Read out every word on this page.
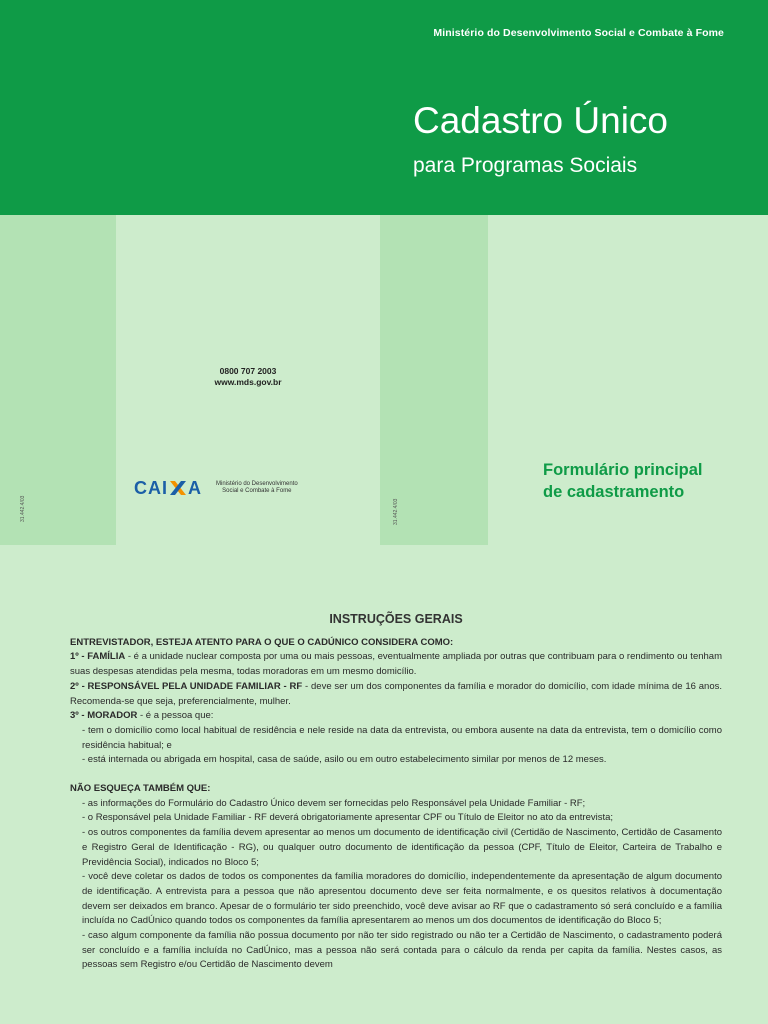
Ministério do Desenvolvimento Social e Combate à Fome
Cadastro Único
para Programas Sociais
31.442.4/03	31.442.4/03
0800 707 2003
www.mds.gov.br
CAI A	Ministério do Desenvolvimento
Social e Combate à Fome
Formulário principal
de cadastramento
INSTRUÇÕES GERAIS
ENTREVISTADOR, ESTEJA ATENTO PARA O QUE O CADÚNICO CONSIDERA COMO:
1º - FAMÍLIA - é a unidade nuclear composta por uma ou mais pessoas, eventualmente ampliada por outras que contribuam para o rendimento ou tenham suas despesas atendidas pela mesma, todas moradoras em um mesmo domicílio.
2º - RESPONSÁVEL PELA UNIDADE FAMILIAR - RF - deve ser um dos componentes da família e morador do domicílio, com idade mínima de 16 anos. Recomenda-se que seja, preferencialmente, mulher.
3º - MORADOR - é a pessoa que:
- tem o domicílio como local habitual de residência e nele reside na data da entrevista, ou embora ausente na data da entrevista, tem o domicílio como residência habitual; e
- está internada ou abrigada em hospital, casa de saúde, asilo ou em outro estabelecimento similar por menos de 12 meses.
NÃO ESQUEÇA TAMBÉM QUE:
- as informações do Formulário do Cadastro Único devem ser fornecidas pelo Responsável pela Unidade Familiar - RF;
- o Responsável pela Unidade Familiar - RF deverá obrigatoriamente apresentar CPF ou Título de Eleitor no ato da entrevista;
- os outros componentes da família devem apresentar ao menos um documento de identificação civil (Certidão de Nascimento, Certidão de Casamento e Registro Geral de Identificação - RG), ou qualquer outro documento de identificação da pessoa (CPF, Título de Eleitor, Carteira de Trabalho e Previdência Social), indicados no Bloco 5;
- você deve coletar os dados de todos os componentes da família moradores do domicílio, independentemente da apresentação de algum documento de identificação. A entrevista para a pessoa que não apresentou documento deve ser feita normalmente, e os quesitos relativos à documentação devem ser deixados em branco. Apesar de o formulário ter sido preenchido, você deve avisar ao RF que o cadastramento só será concluído e a família incluída no CadÚnico quando todos os componentes da família apresentarem ao menos um dos documentos de identificação do Bloco 5;
- caso algum componente da família não possua documento por não ter sido registrado ou não ter a Certidão de Nascimento, o cadastramento poderá ser concluído e a família incluída no CadÚnico, mas a pessoa não será contada para o cálculo da renda per capita da família. Nestes casos, as pessoas sem Registro e/ou Certidão de Nascimento devem
